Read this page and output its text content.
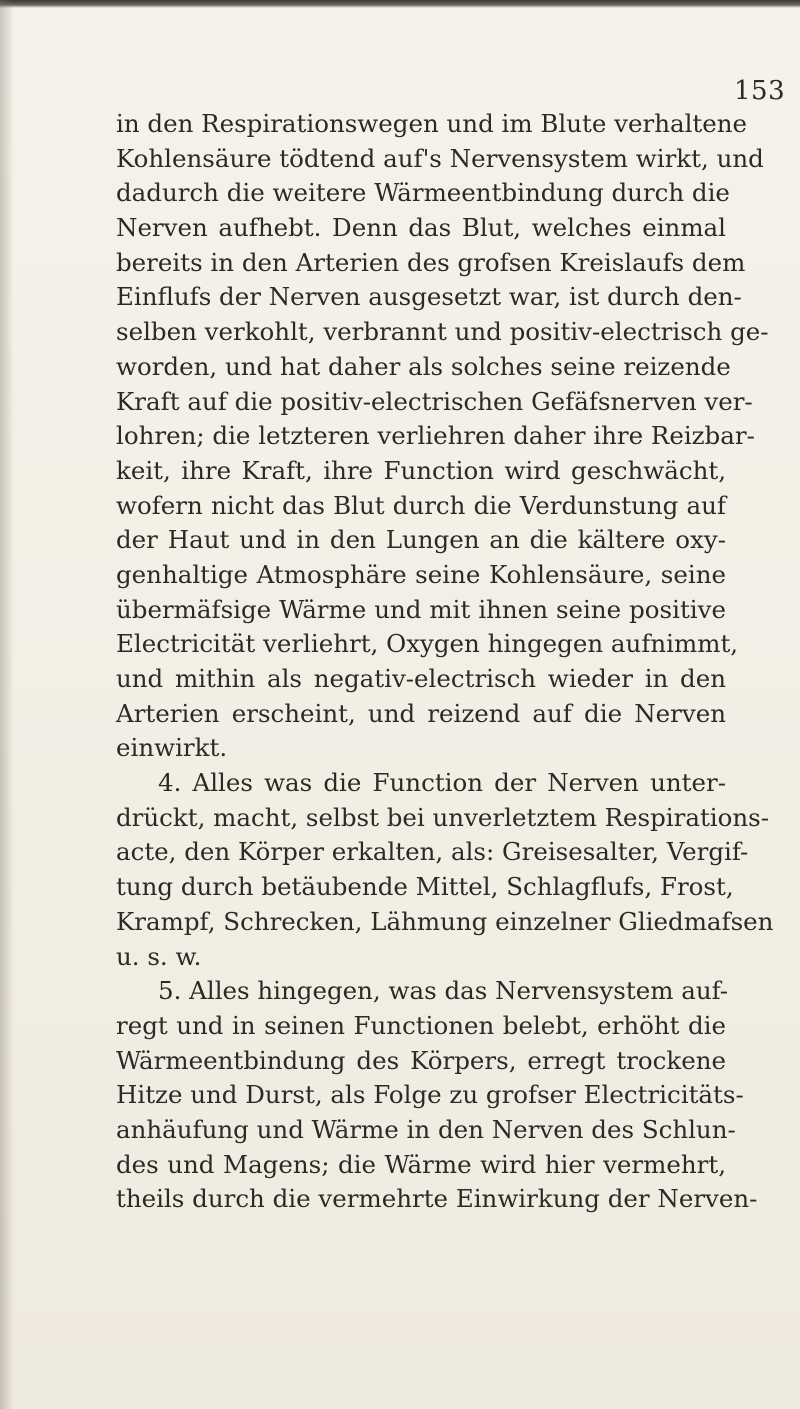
153
in den Respirationswegen und im Blute verhaltene
Kohlensäure tödtend auf's Nervensystem wirkt, und
dadurch die weitere Wärmeentbindung durch die
Nerven aufhebt. Denn das Blut, welches einmal
bereits in den Arterien des grofsen Kreislaufs dem
Einflufs der Nerven ausgesetzt war, ist durch den-
selben verkohlt, verbrannt und positiv-electrisch ge-
worden, und hat daher als solches seine reizende
Kraft auf die positiv-electrischen Gefäfsnerven ver-
lohren; die letzteren verliehren daher ihre Reizbar-
keit, ihre Kraft, ihre Function wird geschwächt,
wofern nicht das Blut durch die Verdunstung auf
der Haut und in den Lungen an die kältere oxy-
genhaltige Atmosphäre seine Kohlensäure, seine
übermäfsige Wärme und mit ihnen seine positive
Electricität verliehrt, Oxygen hingegen aufnimmt,
und mithin als negativ-electrisch wieder in den
Arterien erscheint, und reizend auf die Nerven
einwirkt.
4. Alles was die Function der Nerven unter-
drückt, macht, selbst bei unverletztem Respirations-
acte, den Körper erkalten, als: Greisesalter, Vergif-
tung durch betäubende Mittel, Schlagflufs, Frost,
Krampf, Schrecken, Lähmung einzelner Gliedmafsen
u. s. w.
5. Alles hingegen, was das Nervensystem auf-
regt und in seinen Functionen belebt, erhöht die
Wärmeentbindung des Körpers, erregt trockene
Hitze und Durst, als Folge zu grofser Electricitäts-
anhäufung und Wärme in den Nerven des Schlun-
des und Magens; die Wärme wird hier vermehrt,
theils durch die vermehrte Einwirkung der Nerven-
